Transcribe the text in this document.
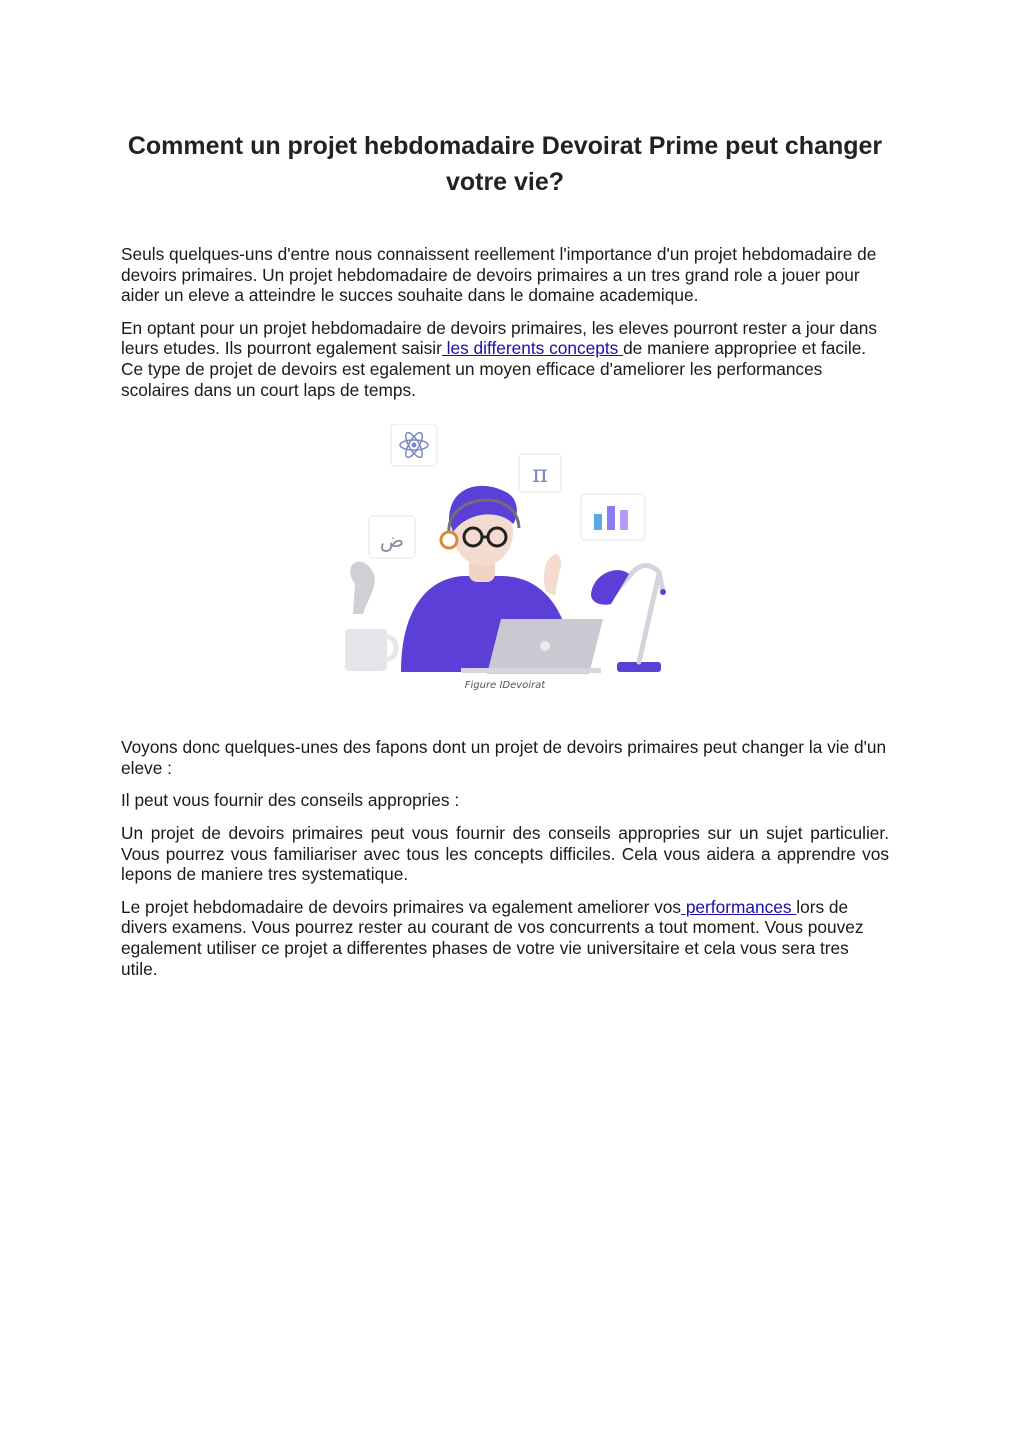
Comment un projet hebdomadaire Devoirat Prime peut changer votre vie?

Seuls quelques-uns d'entre nous connaissent reellement l'importance d'un projet hebdomadaire de devoirs primaires. Un projet hebdomadaire de devoirs primaires a un tres grand role a jouer pour aider un eleve a atteindre le succes souhaite dans le domaine academique.

En optant pour un projet hebdomadaire de devoirs primaires, les eleves pourront rester a jour dans leurs etudes. Ils pourront egalement saisir les differents concepts de maniere appropriee et facile. Ce type de projet de devoirs est egalement un moyen efficace d'ameliorer les performances scolaires dans un court laps de temps.

π
ض
Figure IDevoirat

Voyons donc quelques-unes des fapons dont un projet de devoirs primaires peut changer la vie d'un eleve :

Il peut vous fournir des conseils appropries :

Un projet de devoirs primaires peut vous fournir des conseils appropries sur un sujet particulier. Vous pourrez vous familiariser avec tous les concepts difficiles. Cela vous aidera a apprendre vos lepons de maniere tres systematique.

Le projet hebdomadaire de devoirs primaires va egalement ameliorer vos performances lors de divers examens. Vous pourrez rester au courant de vos concurrents a tout moment. Vous pouvez egalement utiliser ce projet a differentes phases de votre vie universitaire et cela vous sera tres utile.
